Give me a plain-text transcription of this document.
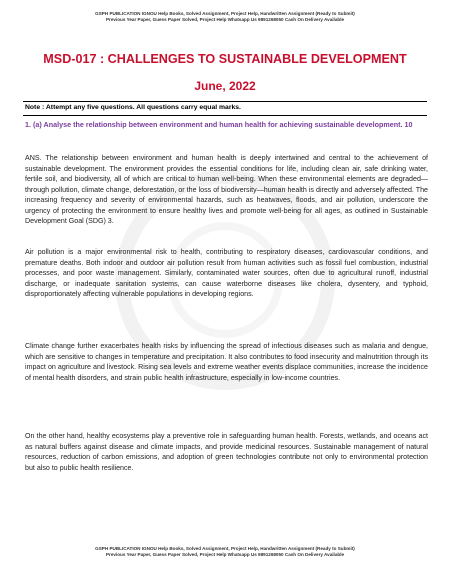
GSPH PUBLICATION IGNOU Help Books, Solved Assignment, Project Help, Handwritten Assignment (Ready to Submit)
Previous Year Paper, Guess Paper Solved, Project Help Whatsapp Us 9891268050 Cash On Delivery Available
MSD-017 : CHALLENGES TO SUSTAINABLE DEVELOPMENT
June, 2022
Note : Attempt any five questions. All questions carry equal marks.
1. (a) Analyse the relationship between environment and human health for achieving sustainable development. 10

ANS. The relationship between environment and human health is deeply intertwined and central to the achievement of sustainable development. The environment provides the essential conditions for life, including clean air, safe drinking water, fertile soil, and biodiversity, all of which are critical to human well-being. When these environmental elements are degraded—through pollution, climate change, deforestation, or the loss of biodiversity—human health is directly and adversely affected. The increasing frequency and severity of environmental hazards, such as heatwaves, floods, and air pollution, underscore the urgency of protecting the environment to ensure healthy lives and promote well-being for all ages, as outlined in Sustainable Development Goal (SDG) 3.

Air pollution is a major environmental risk to health, contributing to respiratory diseases, cardiovascular conditions, and premature deaths. Both indoor and outdoor air pollution result from human activities such as fossil fuel combustion, industrial processes, and poor waste management. Similarly, contaminated water sources, often due to agricultural runoff, industrial discharge, or inadequate sanitation systems, can cause waterborne diseases like cholera, dysentery, and typhoid, disproportionately affecting vulnerable populations in developing regions.

Climate change further exacerbates health risks by influencing the spread of infectious diseases such as malaria and dengue, which are sensitive to changes in temperature and precipitation. It also contributes to food insecurity and malnutrition through its impact on agriculture and livestock. Rising sea levels and extreme weather events displace communities, increase the incidence of mental health disorders, and strain public health infrastructure, especially in low-income countries.

On the other hand, healthy ecosystems play a preventive role in safeguarding human health. Forests, wetlands, and oceans act as natural buffers against disease and climate impacts, and provide medicinal resources. Sustainable management of natural resources, reduction of carbon emissions, and adoption of green technologies contribute not only to environmental protection but also to public health resilience.

GSPH PUBLICATION IGNOU Help Books, Solved Assignment, Project Help, Handwritten Assignment (Ready to Submit)
Previous Year Paper, Guess Paper Solved, Project Help Whatsapp Us 9891268050 Cash On Delivery Available
